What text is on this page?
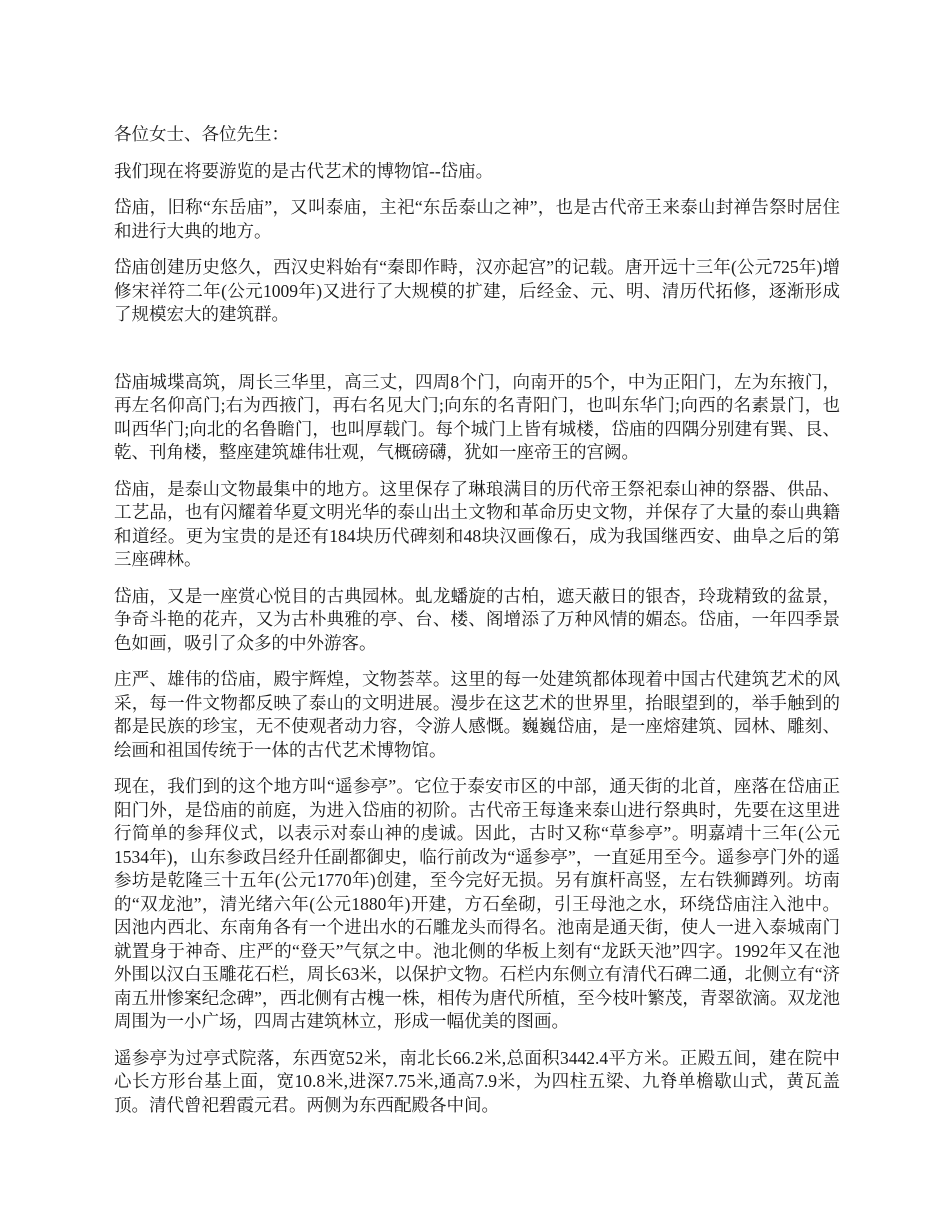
各位女士、各位先生：

我们现在将要游览的是古代艺术的博物馆--岱庙。

岱庙，旧称“东岳庙”，又叫泰庙，主祀“东岳泰山之神”，也是古代帝王来泰山封禅告祭时居住和进行大典的地方。

岱庙创建历史悠久，西汉史料始有“秦即作畤，汉亦起宫”的记载。唐开远十三年(公元725年)增修宋祥符二年(公元1009年)又进行了大规模的扩建，后经金、元、明、清历代拓修，逐渐形成了规模宏大的建筑群。

岱庙城堞高筑，周长三华里，高三丈，四周8个门，向南开的5个，中为正阳门，左为东掖门，再左名仰高门;右为西掖门，再右名见大门;向东的名青阳门，也叫东华门;向西的名素景门，也叫西华门;向北的名鲁瞻门，也叫厚载门。每个城门上皆有城楼，岱庙的四隅分别建有巽、艮、乾、刊角楼，整座建筑雄伟壮观，气概磅礴，犹如一座帝王的宫阙。

岱庙，是泰山文物最集中的地方。这里保存了琳琅满目的历代帝王祭祀泰山神的祭器、供品、工艺品，也有闪耀着华夏文明光华的泰山出土文物和革命历史文物，并保存了大量的泰山典籍和道经。更为宝贵的是还有184块历代碑刻和48块汉画像石，成为我国继西安、曲阜之后的第三座碑林。

岱庙，又是一座赏心悦目的古典园林。虬龙蟠旋的古柏，遮天蔽日的银杏，玲珑精致的盆景，争奇斗艳的花卉，又为古朴典雅的亭、台、楼、阁增添了万种风情的媚态。岱庙，一年四季景色如画，吸引了众多的中外游客。

庄严、雄伟的岱庙，殿宇辉煌，文物荟萃。这里的每一处建筑都体现着中国古代建筑艺术的风采，每一件文物都反映了泰山的文明进展。漫步在这艺术的世界里，抬眼望到的，举手触到的都是民族的珍宝，无不使观者动力容，令游人感慨。巍巍岱庙，是一座熔建筑、园林、雕刻、绘画和祖国传统于一体的古代艺术博物馆。

现在，我们到的这个地方叫“遥参亭”。它位于泰安市区的中部，通天街的北首，座落在岱庙正阳门外，是岱庙的前庭，为进入岱庙的初阶。古代帝王每逢来泰山进行祭典时，先要在这里进行简单的参拜仪式，以表示对泰山神的虔诚。因此，古时又称“草参亭”。明嘉靖十三年(公元1534年)，山东参政吕经升任副都御史，临行前改为“遥参亭”，一直延用至今。遥参亭门外的遥参坊是乾隆三十五年(公元1770年)创建，至今完好无损。另有旗杆高竖，左右铁狮蹲列。坊南的“双龙池”，清光绪六年(公元1880年)开建，方石垒砌，引王母池之水，环绕岱庙注入池中。因池内西北、东南角各有一个进出水的石雕龙头而得名。池南是通天街，使人一进入泰城南门就置身于神奇、庄严的“登天”气氛之中。池北侧的华板上刻有“龙跃天池”四字。1992年又在池外围以汉白玉雕花石栏，周长63米，以保护文物。石栏内东侧立有清代石碑二通，北侧立有“济南五卅惨案纪念碑”，西北侧有古槐一株，相传为唐代所植，至今枝叶繁茂，青翠欲滴。双龙池周围为一小广场，四周古建筑林立，形成一幅优美的图画。

遥参亭为过亭式院落，东西宽52米，南北长66.2米,总面积3442.4平方米。正殿五间，建在院中心长方形台基上面，宽10.8米,进深7.75米,通高7.9米，为四柱五梁、九脊单檐歇山式，黄瓦盖顶。清代曾祀碧霞元君。两侧为东西配殿各中间。
